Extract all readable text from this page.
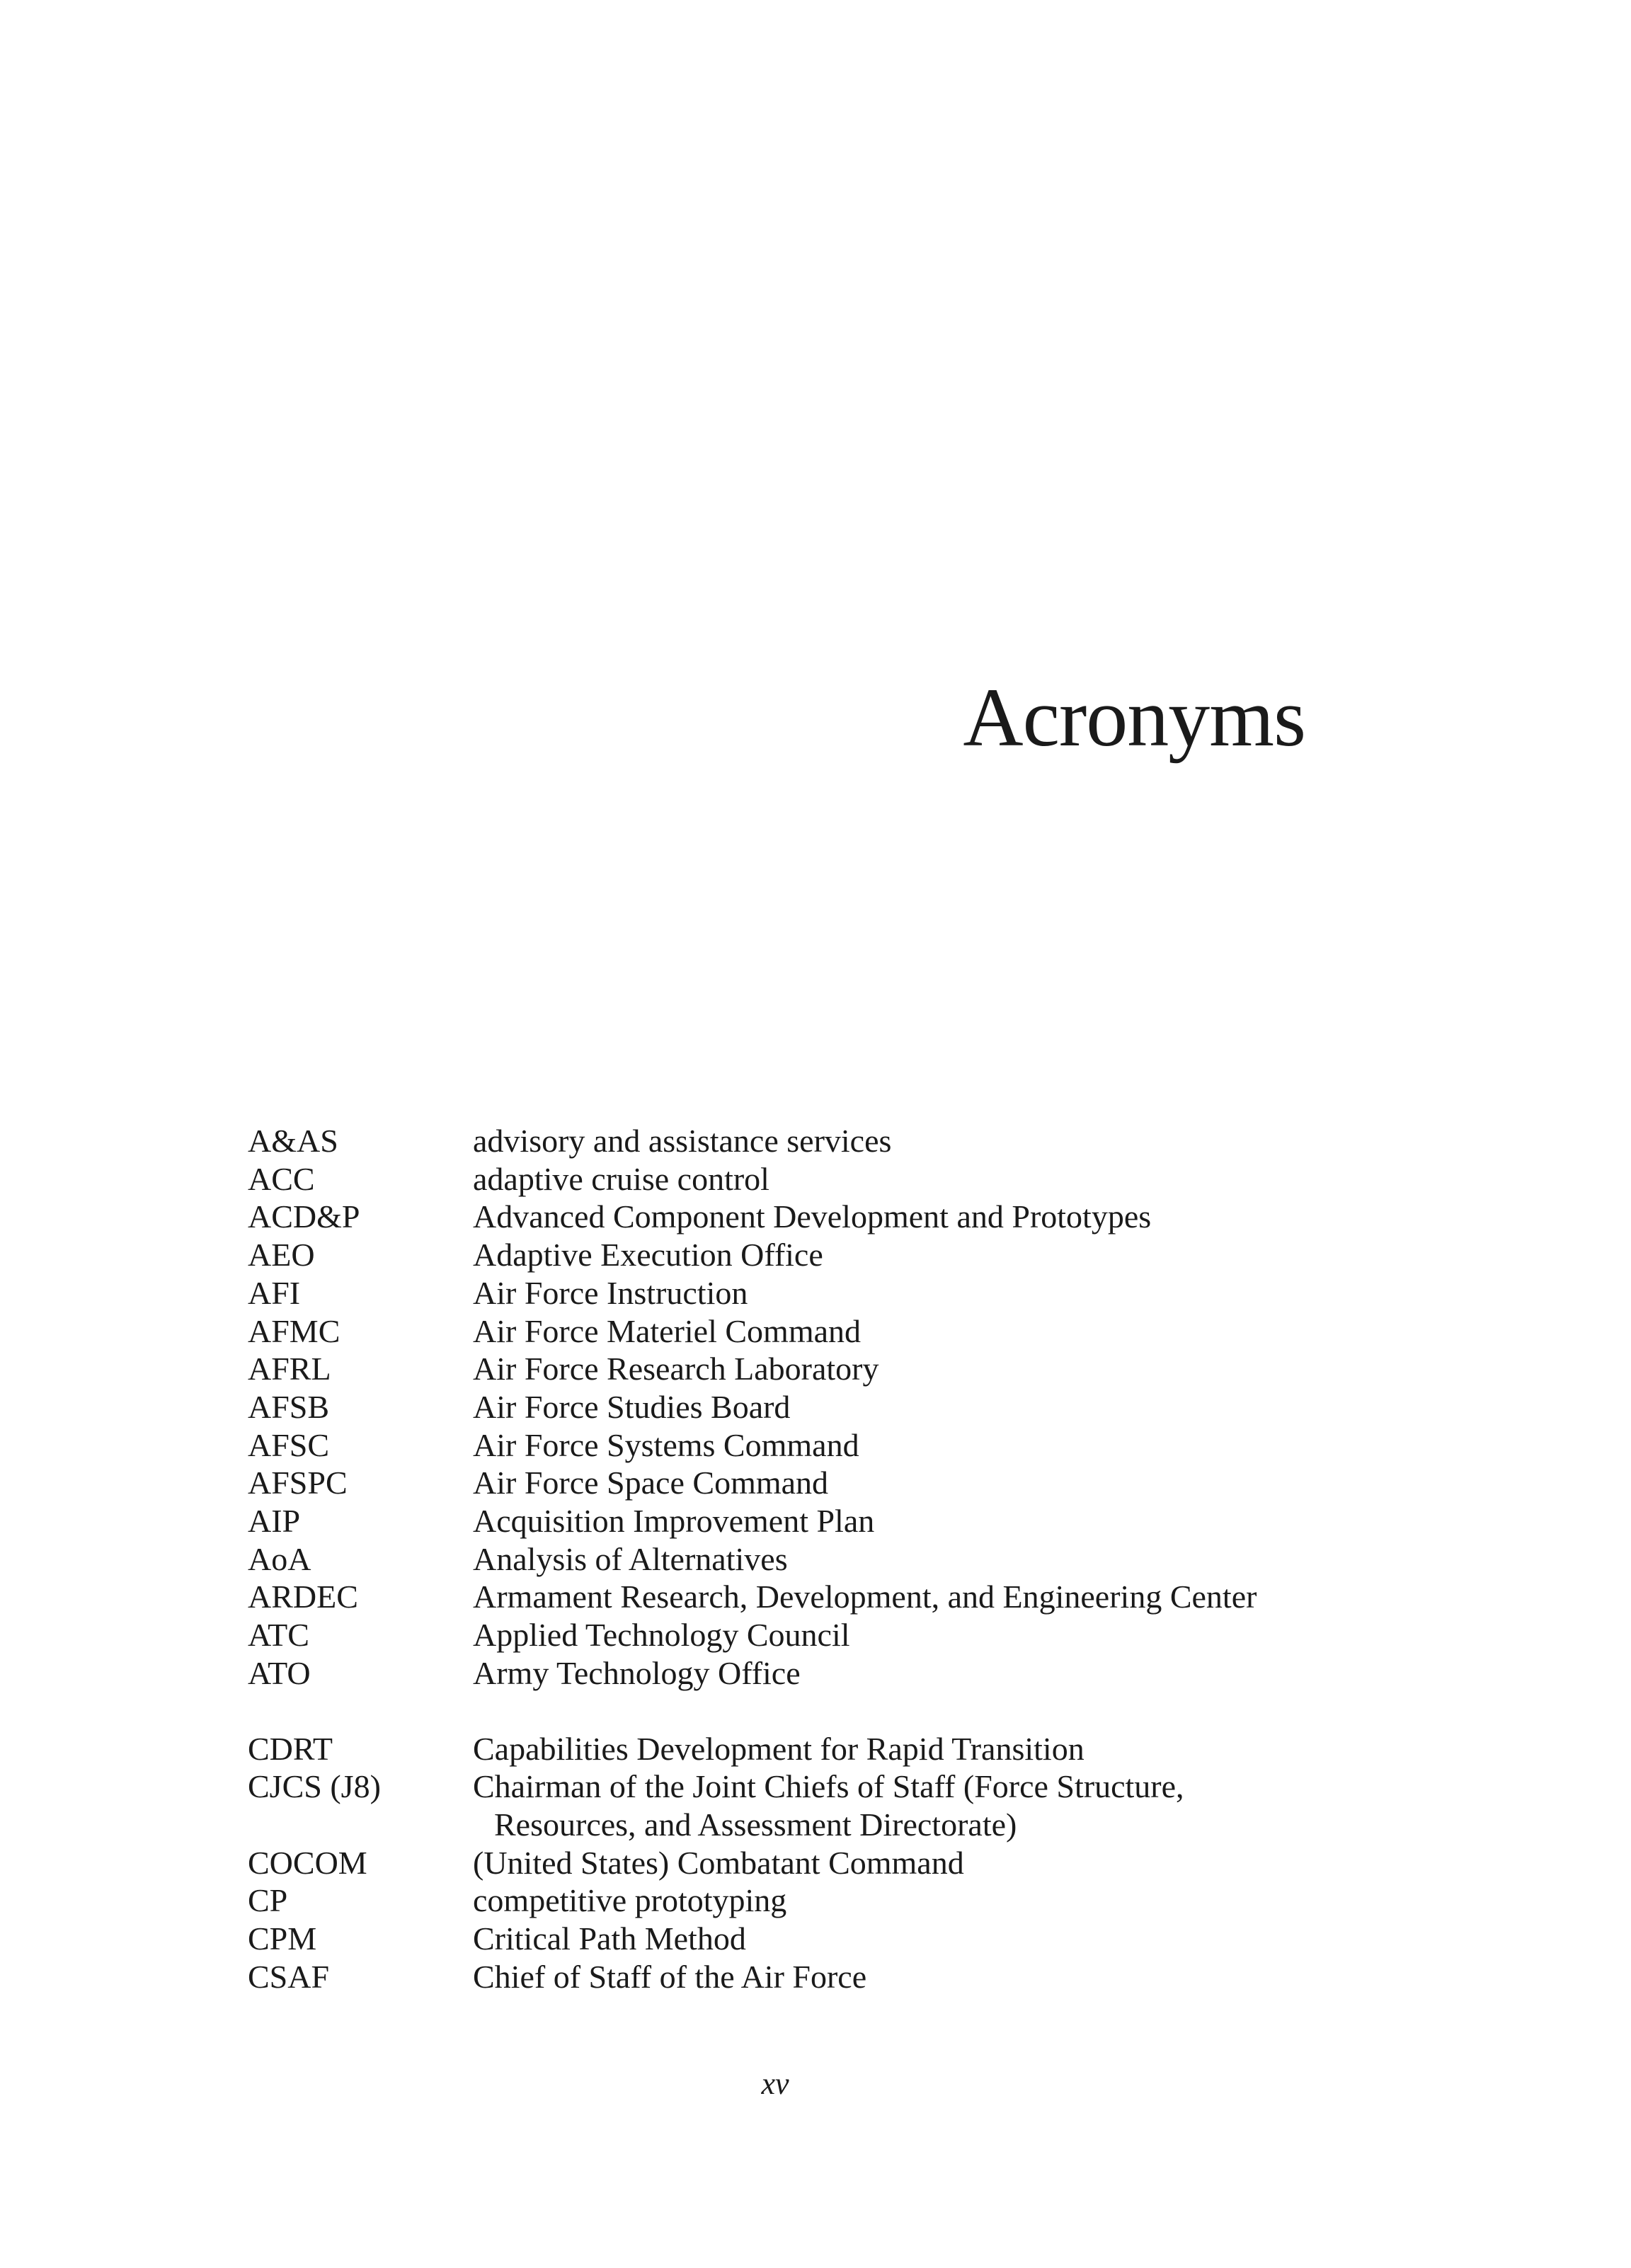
Acronyms
A&AS	advisory and assistance services
ACC	adaptive cruise control
ACD&P	Advanced Component Development and Prototypes
AEO	Adaptive Execution Office
AFI	Air Force Instruction
AFMC	Air Force Materiel Command
AFRL	Air Force Research Laboratory
AFSB	Air Force Studies Board
AFSC	Air Force Systems Command
AFSPC	Air Force Space Command
AIP	Acquisition Improvement Plan
AoA	Analysis of Alternatives
ARDEC	Armament Research, Development, and Engineering Center
ATC	Applied Technology Council
ATO	Army Technology Office
CDRT	Capabilities Development for Rapid Transition
CJCS (J8)	Chairman of the Joint Chiefs of Staff (Force Structure,
Resources, and Assessment Directorate)
COCOM	(United States) Combatant Command
CP	competitive prototyping
CPM	Critical Path Method
CSAF	Chief of Staff of the Air Force
xv
